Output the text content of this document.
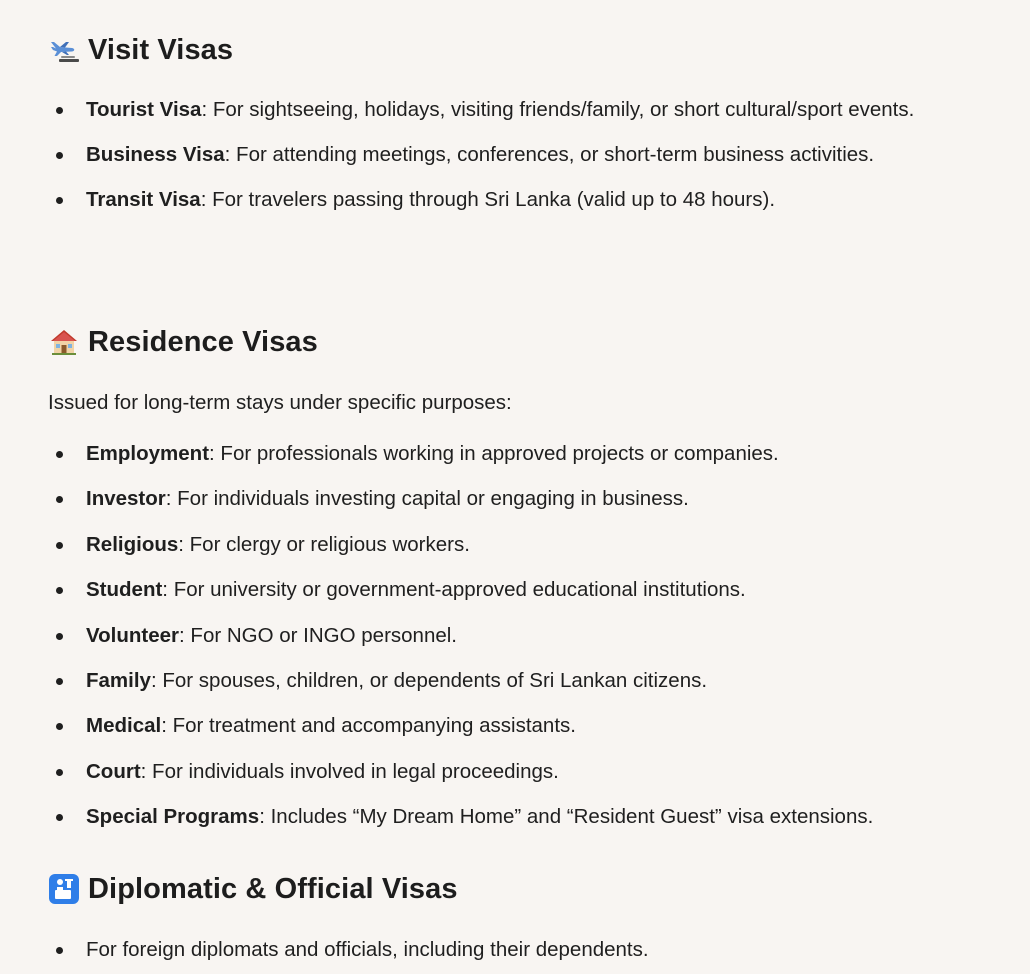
Visit Visas
Tourist Visa: For sightseeing, holidays, visiting friends/family, or short cultural/sport events.
Business Visa: For attending meetings, conferences, or short-term business activities.
Transit Visa: For travelers passing through Sri Lanka (valid up to 48 hours).
Residence Visas

Issued for long-term stays under specific purposes:

Employment: For professionals working in approved projects or companies.
Investor: For individuals investing capital or engaging in business.
Religious: For clergy or religious workers.
Student: For university or government-approved educational institutions.
Volunteer: For NGO or INGO personnel.
Family: For spouses, children, or dependents of Sri Lankan citizens.
Medical: For treatment and accompanying assistants.
Court: For individuals involved in legal proceedings.
Special Programs: Includes “My Dream Home” and “Resident Guest” visa extensions.
Diplomatic & Official Visas
For foreign diplomats and officials, including their dependents.
